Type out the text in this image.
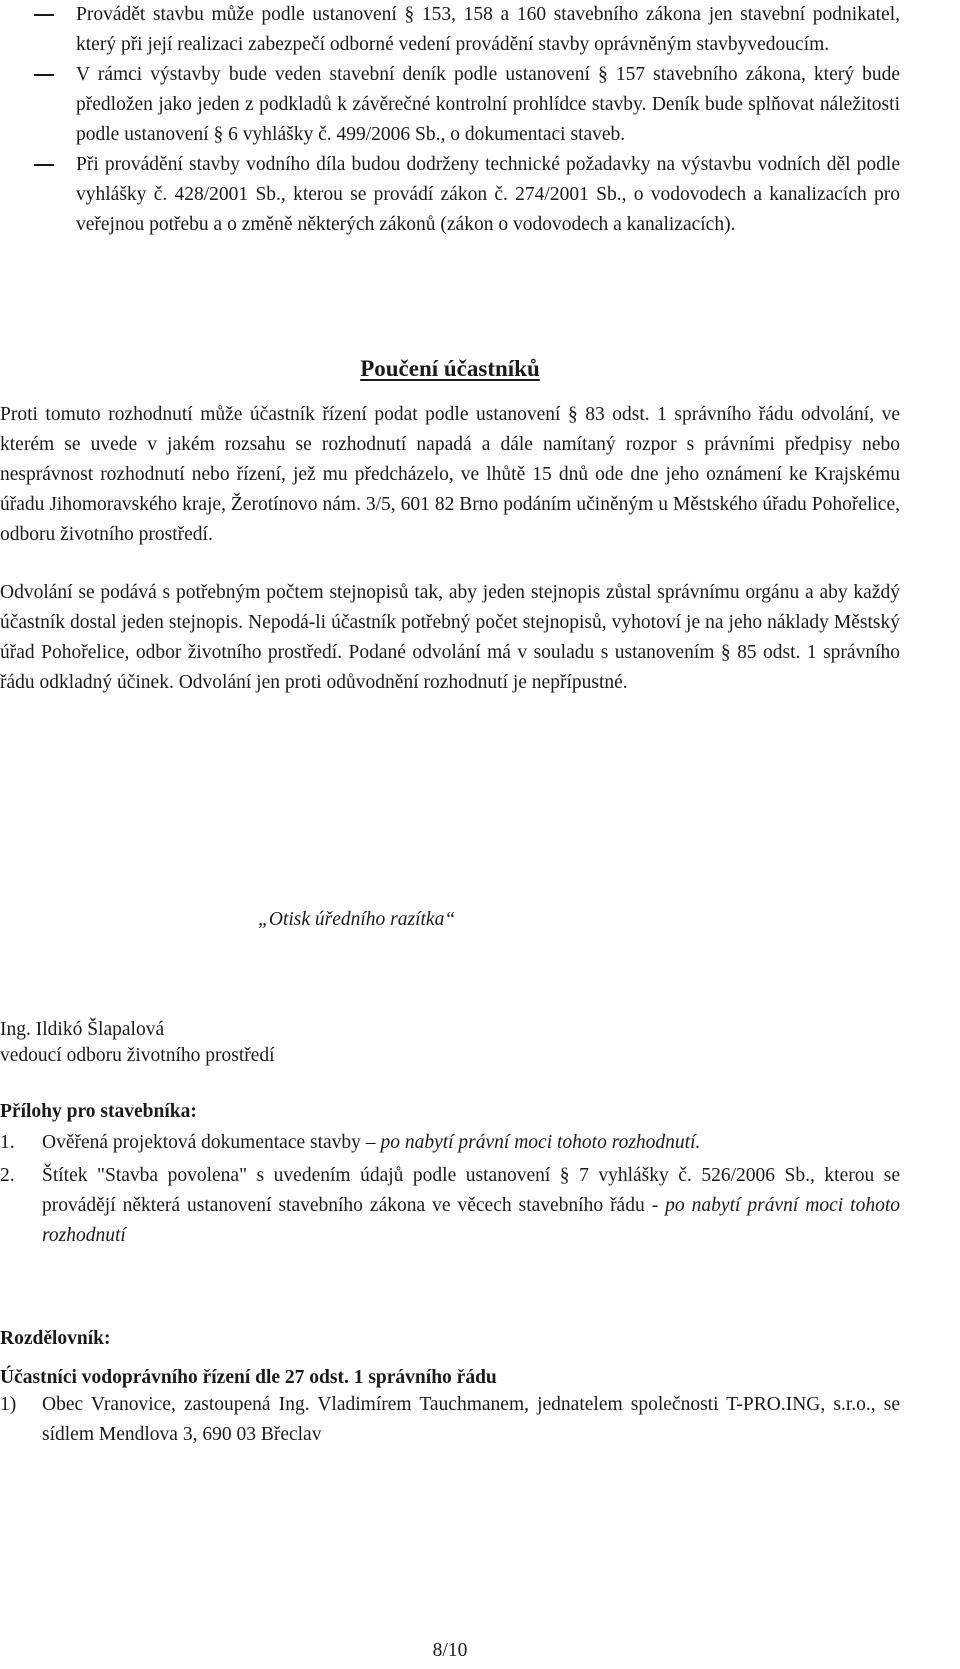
Provádět stavbu může podle ustanovení § 153, 158 a 160 stavebního zákona jen stavební podnikatel, který při její realizaci zabezpečí odborné vedení provádění stavby oprávněným stavbyvedoucím.
V rámci výstavby bude veden stavební deník podle ustanovení § 157 stavebního zákona, který bude předložen jako jeden z podkladů k závěrečné kontrolní prohlídce stavby. Deník bude splňovat náležitosti podle ustanovení § 6 vyhlášky č. 499/2006 Sb., o dokumentaci staveb.
Při provádění stavby vodního díla budou dodrženy technické požadavky na výstavbu vodních děl podle vyhlášky č. 428/2001 Sb., kterou se provádí zákon č. 274/2001 Sb., o vodovodech a kanalizacích pro veřejnou potřebu a o změně některých zákonů (zákon o vodovodech a kanalizacích).
Poučení účastníků

Proti tomuto rozhodnutí může účastník řízení podat podle ustanovení § 83 odst. 1 správního řádu odvolání, ve kterém se uvede v jakém rozsahu se rozhodnutí napadá a dále namítaný rozpor s právními předpisy nebo nesprávnost rozhodnutí nebo řízení, jež mu předcházelo, ve lhůtě 15 dnů ode dne jeho oznámení ke Krajskému úřadu Jihomoravského kraje, Žerotínovo nám. 3/5, 601 82 Brno podáním učiněným u Městského úřadu Pohořelice, odboru životního prostředí.

Odvolání se podává s potřebným počtem stejnopisů tak, aby jeden stejnopis zůstal správnímu orgánu a aby každý účastník dostal jeden stejnopis. Nepodá-li účastník potřebný počet stejnopisů, vyhotoví je na jeho náklady Městský úřad Pohořelice, odbor životního prostředí. Podané odvolání má v souladu s ustanovením § 85 odst. 1 správního řádu odkladný účinek. Odvolání jen proti odůvodnění rozhodnutí je nepřípustné.

„Otisk úředního razítka“
Ing. Ildikó Šlapalová
vedoucí odboru životního prostředí
Přílohy pro stavebníka:
1. Ověřená projektová dokumentace stavby – po nabytí právní moci tohoto rozhodnutí.
2. Štítek "Stavba povolena" s uvedením údajů podle ustanovení § 7 vyhlášky č. 526/2006 Sb., kterou se provádějí některá ustanovení stavebního zákona ve věcech stavebního řádu - po nabytí právní moci tohoto rozhodnutí
Rozdělovník:
Účastníci vodoprávního řízení dle 27 odst. 1 správního řádu
1) Obec Vranovice, zastoupená Ing. Vladimírem Tauchmanem, jednatelem společnosti T-PRO.ING, s.r.o., se sídlem Mendlova 3, 690 03 Břeclav
8/10
